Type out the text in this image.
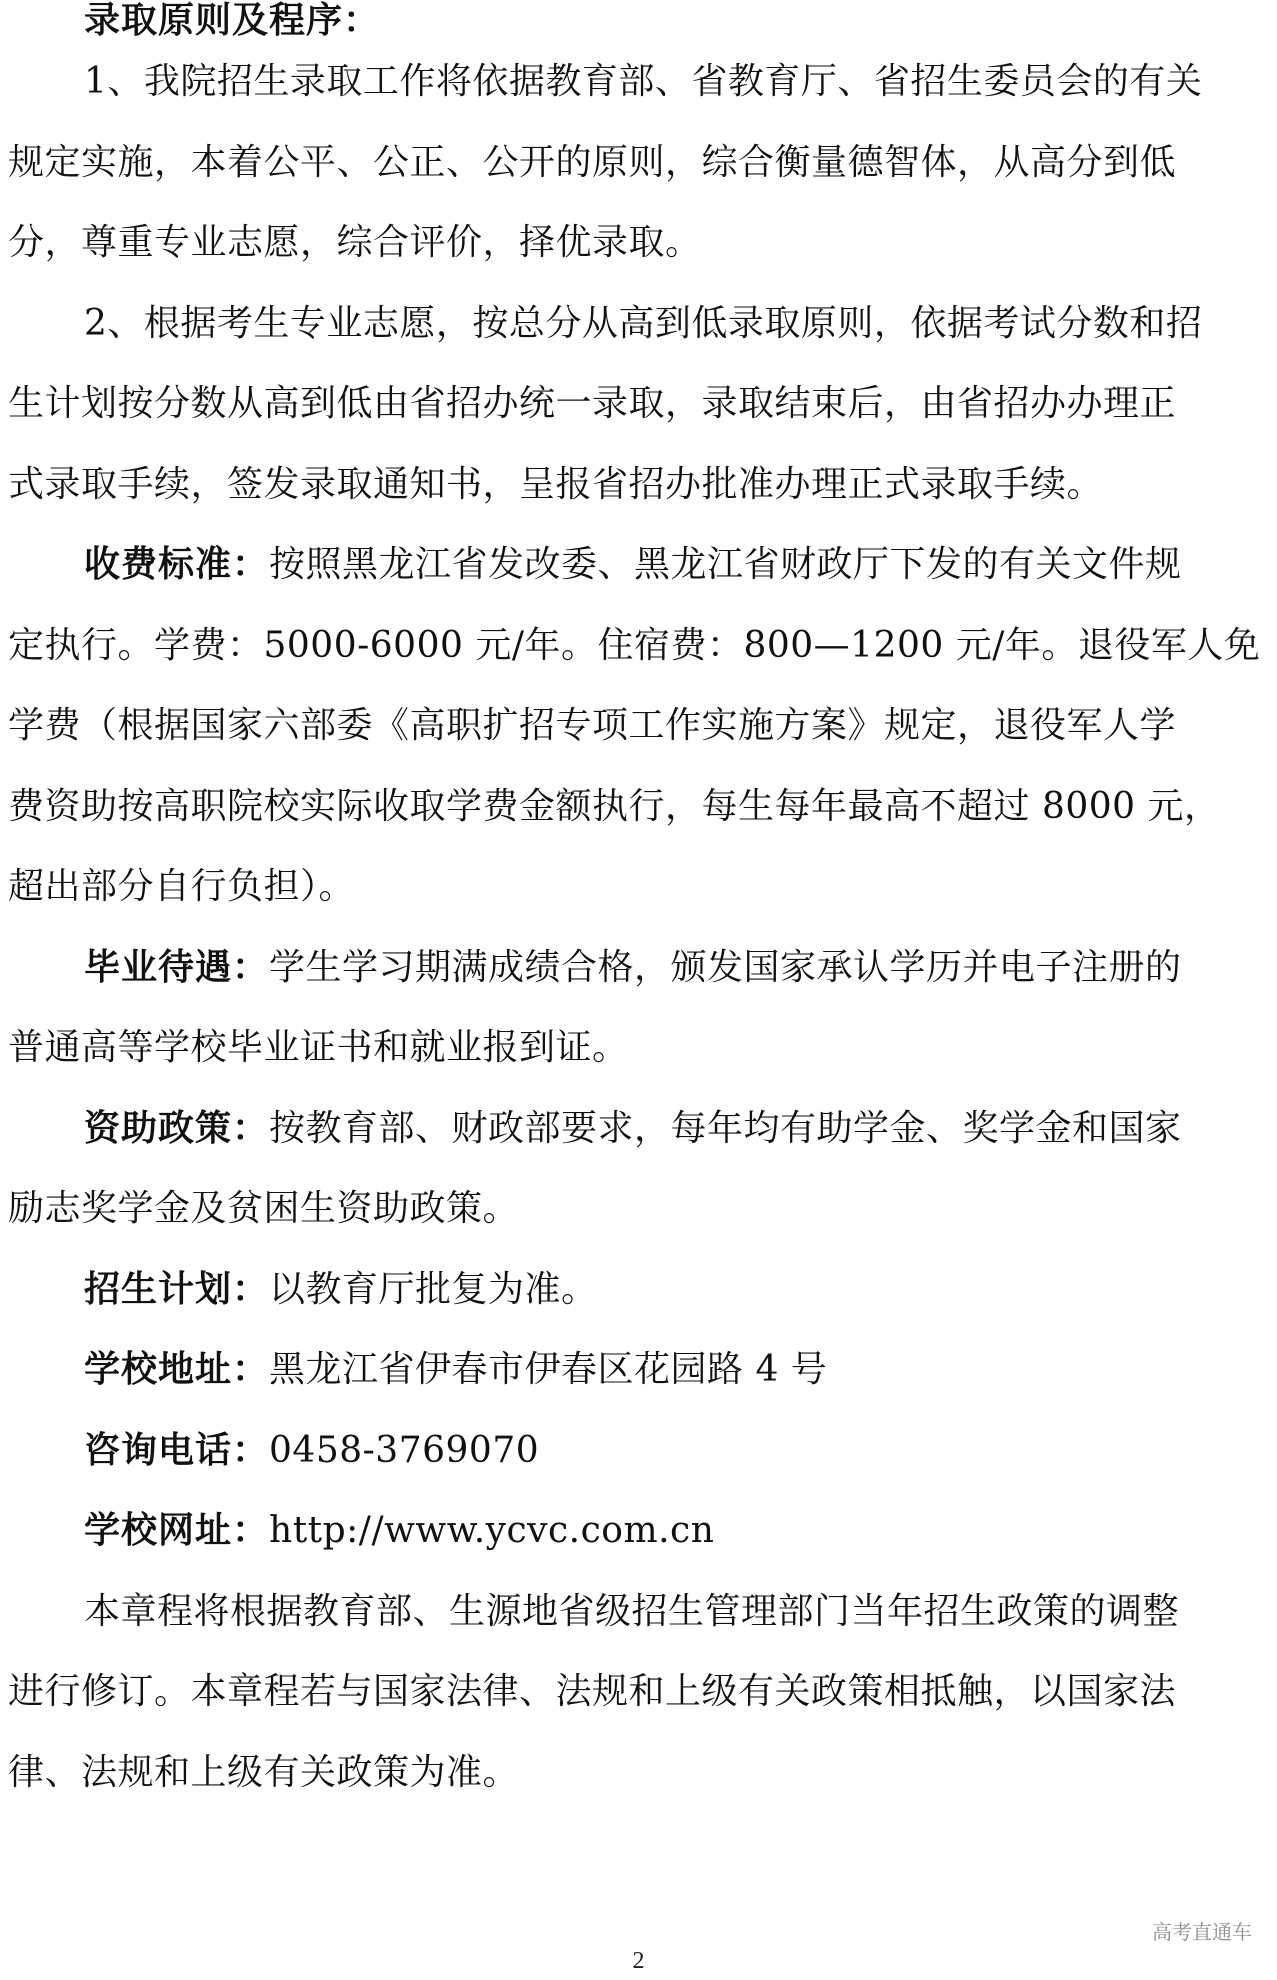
录取原则及程序：
1、我院招生录取工作将依据教育部、省教育厅、省招生委员会的有关
规定实施，本着公平、公正、公开的原则，综合衡量德智体，从高分到低
分，尊重专业志愿，综合评价，择优录取。
2、根据考生专业志愿，按总分从高到低录取原则，依据考试分数和招
生计划按分数从高到低由省招办统一录取，录取结束后，由省招办办理正
式录取手续，签发录取通知书，呈报省招办批准办理正式录取手续。
收费标准：按照黑龙江省发改委、黑龙江省财政厅下发的有关文件规
定执行。学费：5000-6000 元/年。住宿费：800—1200 元/年。退役军人免
学费（根据国家六部委《高职扩招专项工作实施方案》规定，退役军人学
费资助按高职院校实际收取学费金额执行，每生每年最高不超过 8000 元，
超出部分自行负担）。
毕业待遇：学生学习期满成绩合格，颁发国家承认学历并电子注册的
普通高等学校毕业证书和就业报到证。
资助政策：按教育部、财政部要求，每年均有助学金、奖学金和国家
励志奖学金及贫困生资助政策。
招生计划：以教育厅批复为准。
学校地址：黑龙江省伊春市伊春区花园路 4 号
咨询电话：0458-3769070
学校网址：http://www.ycvc.com.cn
本章程将根据教育部、生源地省级招生管理部门当年招生政策的调整
进行修订。本章程若与国家法律、法规和上级有关政策相抵触，以国家法
律、法规和上级有关政策为准。
高考直通车
2
